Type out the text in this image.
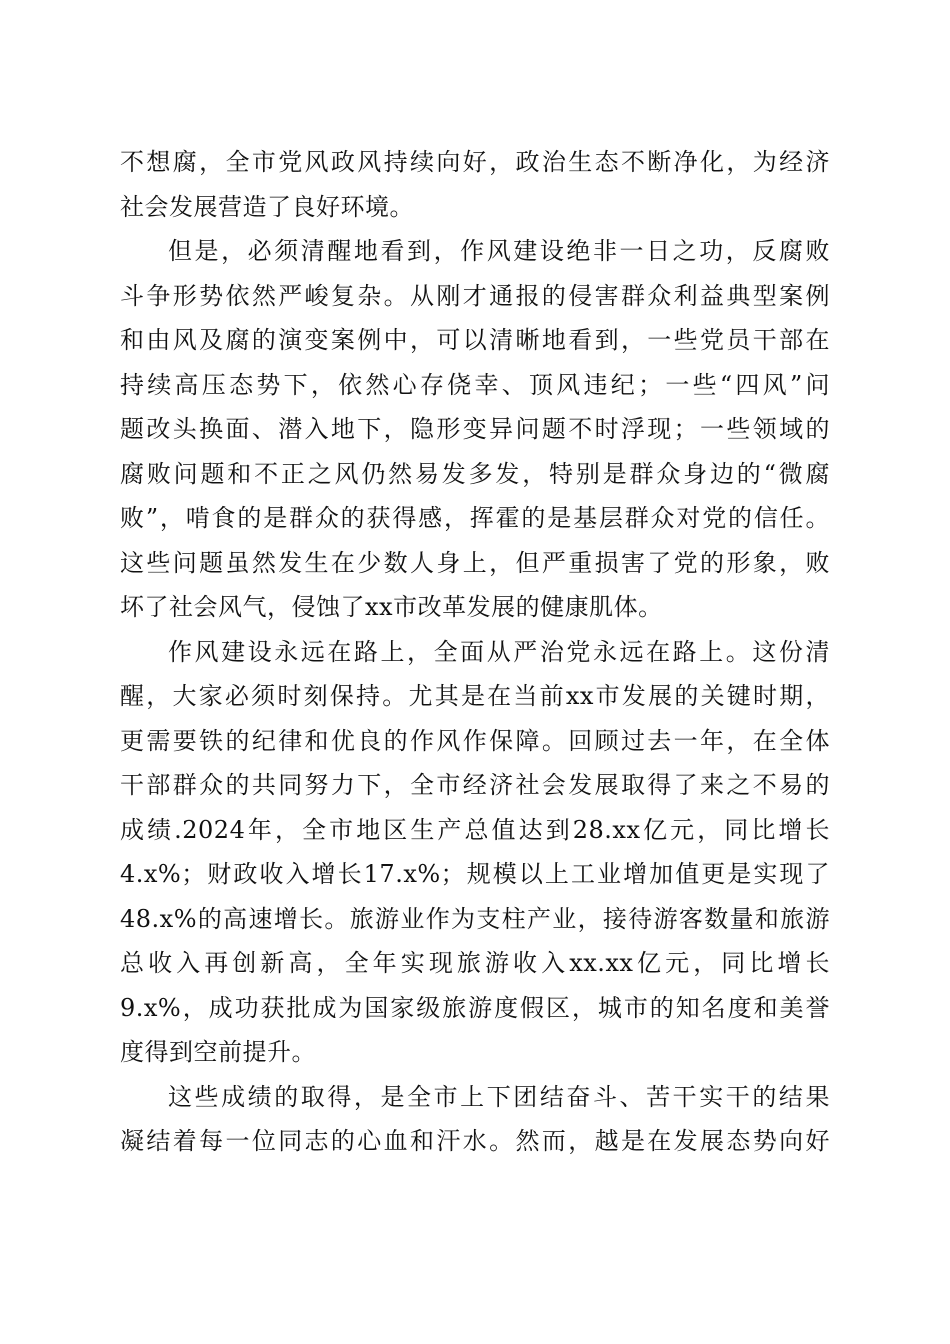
不想腐，全市党风政风持续向好，政治生态不断净化，为经济
社会发展营造了良好环境。
但是，必须清醒地看到，作风建设绝非一日之功，反腐败
斗争形势依然严峻复杂。从刚才通报的侵害群众利益典型案例
和由风及腐的演变案例中，可以清晰地看到，一些党员干部在
持续高压态势下，依然心存侥幸、顶风违纪；一些“四风”问
题改头换面、潜入地下，隐形变异问题不时浮现；一些领域的
腐败问题和不正之风仍然易发多发，特别是群众身边的“微腐
败”，啃食的是群众的获得感，挥霍的是基层群众对党的信任。
这些问题虽然发生在少数人身上，但严重损害了党的形象，败
坏了社会风气，侵蚀了xx市改革发展的健康肌体。
作风建设永远在路上，全面从严治党永远在路上。这份清
醒，大家必须时刻保持。尤其是在当前xx市发展的关键时期，
更需要铁的纪律和优良的作风作保障。回顾过去一年，在全体
干部群众的共同努力下，全市经济社会发展取得了来之不易的
成绩.2024年，全市地区生产总值达到28.xx亿元，同比增长
4.x%；财政收入增长17.x%；规模以上工业增加值更是实现了
48.x%的高速增长。旅游业作为支柱产业，接待游客数量和旅游
总收入再创新高，全年实现旅游收入xx.xx亿元，同比增长
9.x%，成功获批成为国家级旅游度假区，城市的知名度和美誉
度得到空前提升。
这些成绩的取得，是全市上下团结奋斗、苦干实干的结果
凝结着每一位同志的心血和汗水。然而，越是在发展态势向好
